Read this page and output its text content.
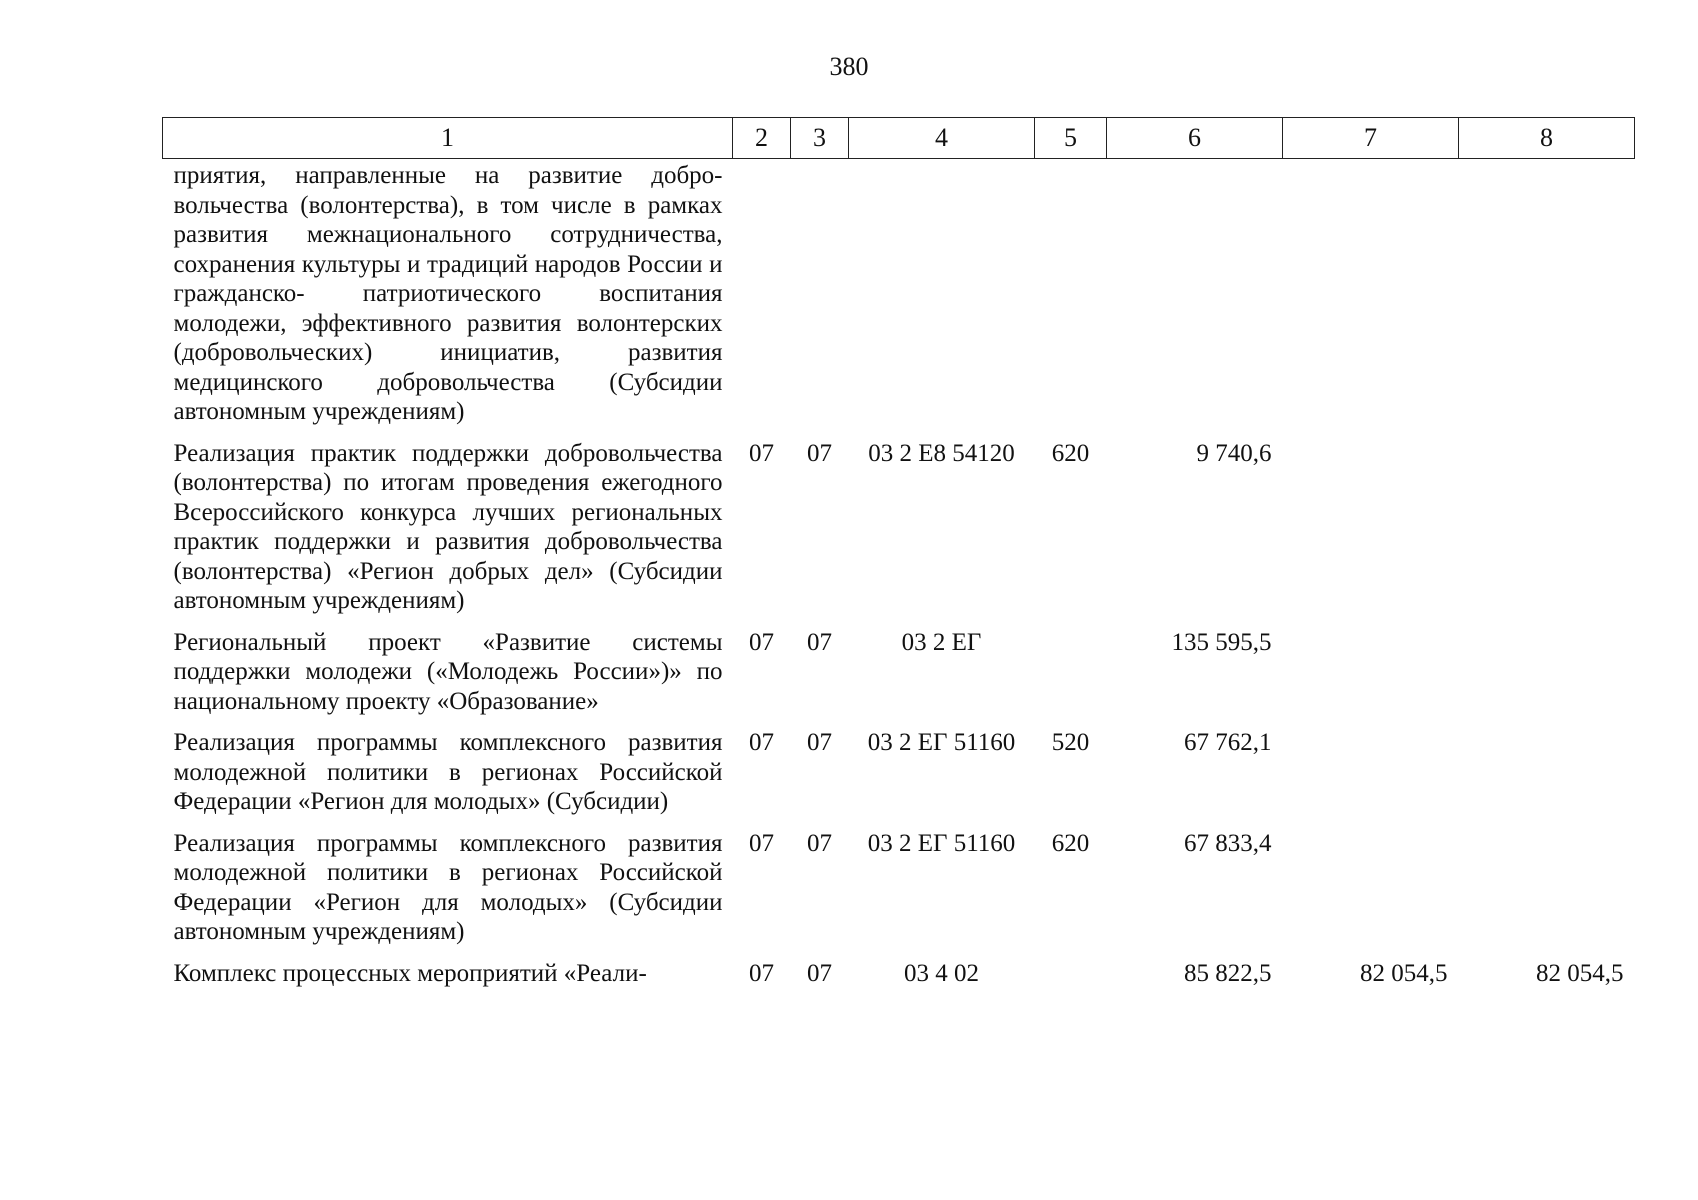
380
1	2	3	4	5	6	7	8
приятия, направленные на развитие добровольчества (волонтерства), в том числе в рамках развития межнационального сотрудничества, сохранения культуры и традиций народов России и гражданско- патриотического воспитания молодежи, эффективного развития волонтерских (добровольческих) инициатив, развития медицинского добровольчества (Субсидии автономным учреждениям)							
Реализация практик поддержки добровольчества (волонтерства) по итогам проведения ежегодного Всероссийского конкурса лучших региональных практик поддержки и развития добровольчества (волонтерства) «Регион добрых дел» (Субсидии автономным учреждениям)	07	07	03 2 Е8 54120	620	9 740,6		
Региональный проект «Развитие системы поддержки молодежи («Молодежь России»)» по национальному проекту «Образование»	07	07	03 2 ЕГ		135 595,5		
Реализация программы комплексного развития молодежной политики в регионах Российской Федерации «Регион для молодых» (Субсидии)	07	07	03 2 ЕГ 51160	520	67 762,1		
Реализация программы комплексного развития молодежной политики в регионах Российской Федерации «Регион для молодых» (Субсидии автономным учреждениям)	07	07	03 2 ЕГ 51160	620	67 833,4		
Комплекс процессных мероприятий «Реали-	07	07	03 4 02		85 822,5	82 054,5	82 054,5
